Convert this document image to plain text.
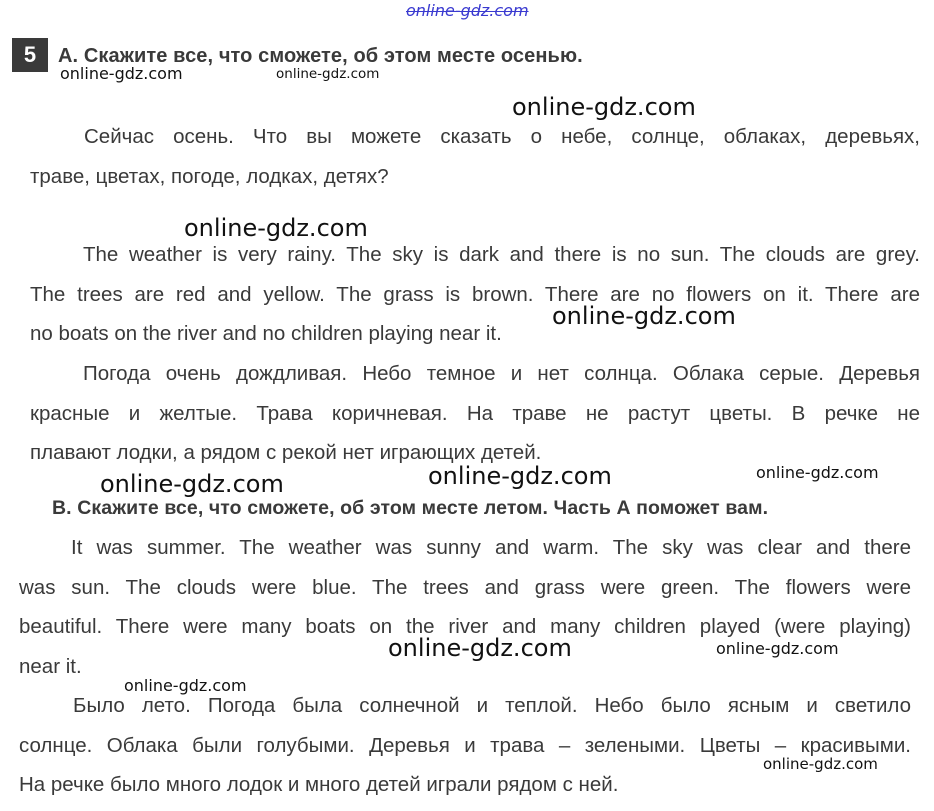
online-gdz.com
5	A. Скажите все, что сможете, об этом месте осенью.
Сейчас осень. Что вы можете сказать о небе, солнце, облаках, деревьях,
траве, цветах, погоде, лодках, детях?
The weather is very rainy. The sky is dark and there is no sun. The clouds are grey.
The trees are red and yellow. The grass is brown. There are no flowers on it. There are
no boats on the river and no children playing near it.
Погода очень дождливая. Небо темное и нет солнца. Облака серые. Деревья
красные и желтые. Трава коричневая. На траве не растут цветы. В речке не
плавают лодки, а рядом с рекой нет играющих детей.
B. Скажите все, что сможете, об этом месте летом. Часть А поможет вам.
It was summer. The weather was sunny and warm. The sky was clear and there
was sun. The clouds were blue. The trees and grass were green. The flowers were
beautiful. There were many boats on the river and many children played (were playing)
near it.
Было лето. Погода была солнечной и теплой. Небо было ясным и светило
солнце. Облака были голубыми. Деревья и трава – зелеными. Цветы – красивыми.
На речке было много лодок и много детей играли рядом с ней.
online-gdz.com	online-gdz.com
online-gdz.com
online-gdz.com
online-gdz.com
online-gdz.com	online-gdz.com
online-gdz.com
online-gdz.com	online-gdz.com
online-gdz.com
online-gdz.com
